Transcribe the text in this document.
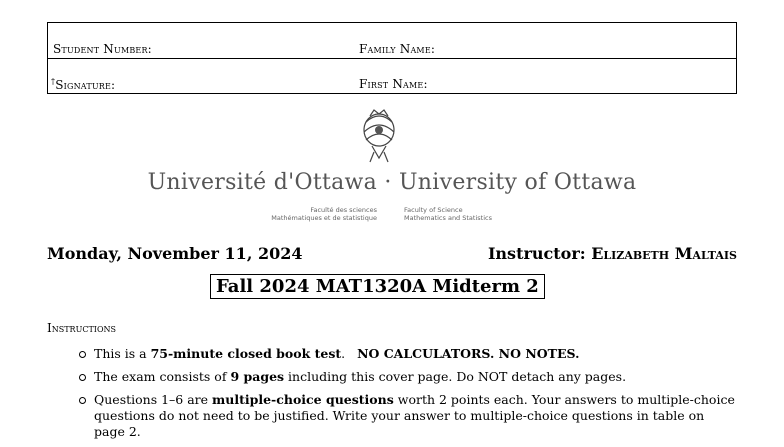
Student Number:	Family Name:
†Signature:	First Name:
Université d'Ottawa · University of Ottawa
Faculté des sciences
Mathématiques et de statistique
Faculty of Science
Mathematics and Statistics
Monday, November 11, 2024	Instructor: Elizabeth Maltais
Fall 2024 MAT1320A Midterm 2
Instructions
This is a 75-minute closed book test.   NO CALCULATORS. NO NOTES.
The exam consists of 9 pages including this cover page. Do NOT detach any pages.
Questions 1–6 are multiple-choice questions worth 2 points each. Your answers to multiple-choice questions do not need to be justified. Write your answer to multiple-choice questions in table on page 2.
